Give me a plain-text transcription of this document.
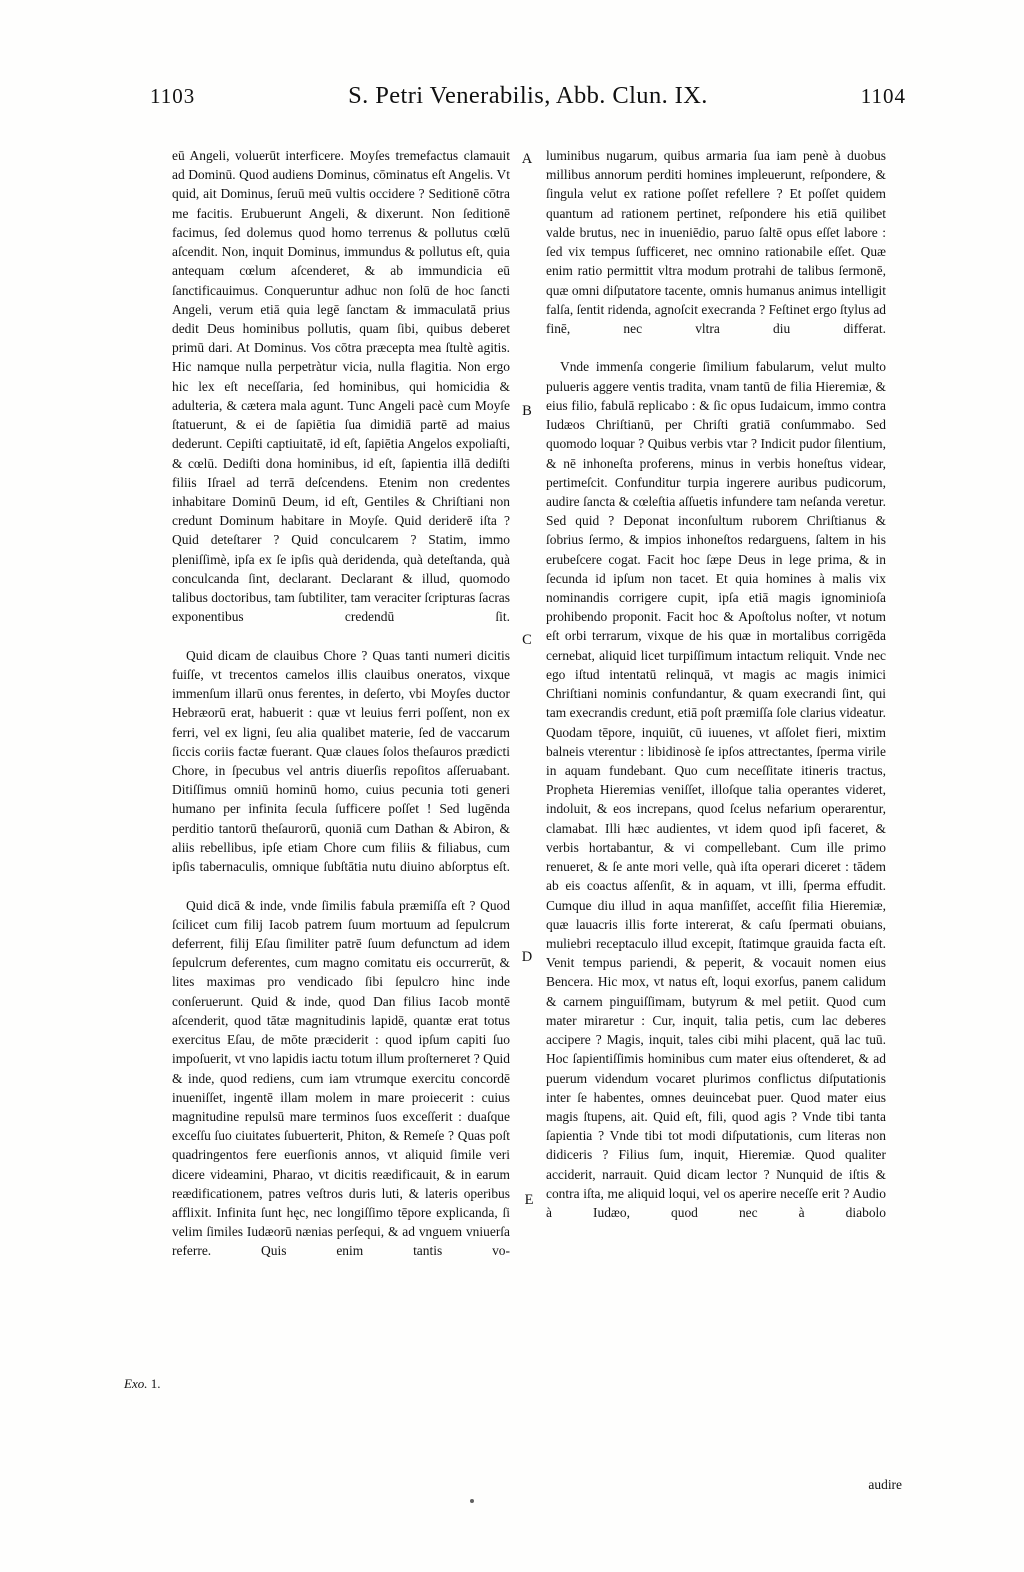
1103	S. Petri Venerabilis, Abb. Clun. IX.	1104

eū Angeli, voluerūt interficere. Moyſes tremefactus clamauit ad Dominū. Quod audiens Dominus, cōminatus eſt Angelis. Vt quid, ait Dominus, ſeruū meū vultis occidere ? Seditionē cōtra me facitis. Erubuerunt Angeli, & dixerunt. Non ſeditionē facimus, ſed dolemus quod homo terrenus & pollutus cœlū aſcendit. Non, inquit Dominus, immundus & pollutus eſt, quia antequam cœlum aſcenderet, & ab immundicia eū ſanctificauimus. Conqueruntur adhuc non ſolū de hoc ſancti Angeli, verum etiā quia legē ſanctam & immaculatā prius dedit Deus hominibus pollutis, quam ſibi, quibus deberet primū dari. At Dominus. Vos cōtra præcepta mea ſtultè agitis. Hic namque nulla perpetràtur vicia, nulla flagitia. Non ergo hic lex eſt neceſſaria, ſed hominibus, qui homicidia & adulteria, & cætera mala agunt. Tunc Angeli pacè cum Moyſe ſtatuerunt, & ei de ſapiētia ſua dimidiā partē ad maius dederunt. Cepiſti captiuitatē, id eſt, ſapiētia Angelos expoliaſti, & cœlū. Dediſti dona hominibus, id eſt, ſapientia illā dediſti filiis Iſrael ad terrā deſcendens. Etenim non credentes inhabitare Dominū Deum, id eſt, Gentiles & Chriſtiani non credunt Dominum habitare in Moyſe. Quid deriderē iſta ? Quid deteſtarer ? Quid conculcarem ? Statim, immo pleniſſimè, ipſa ex ſe ipſis quà deridenda, quà deteſtanda, quà conculcanda ſint, declarant. Declarant & illud, quomodo talibus doctoribus, tam ſubtiliter, tam veraciter ſcripturas ſacras exponentibus credendū ſit.

Quid dicam de clauibus Chore ? Quas tanti numeri dicitis fuiſſe, vt trecentos camelos illis clauibus oneratos, vixque immenſum illarū onus ferentes, in deſerto, vbi Moyſes ductor Hebræorū erat, habuerit : quæ vt leuius ferri poſſent, non ex ferri, vel ex ligni, ſeu alia qualibet materie, ſed de vaccarum ſiccis coriis factæ fuerant. Quæ claues ſolos theſauros prædicti Chore, in ſpecubus vel antris diuerſis repoſitos aſſeruabant. Ditiſſimus omniū hominū homo, cuius pecunia toti generi humano per infinita ſecula ſufficere poſſet ! Sed lugēnda perditio tantorū theſaurorū, quoniā cum Dathan & Abiron, & aliis rebellibus, ipſe etiam Chore cum filiis & filiabus, cum ipſis tabernaculis, omnique ſubſtātia nutu diuino abſorptus eſt.

Quid dicā & inde, vnde ſimilis fabula præmiſſa eſt ? Quod ſcilicet cum filij Iacob patrem ſuum mortuum ad ſepulcrum deferrent, filij Eſau ſimiliter patrē ſuum defunctum ad idem ſepulcrum deferentes, cum magno comitatu eis occurrerūt, & lites maximas pro vendicado ſibi ſepulcro hinc inde conſeruerunt. Quid & inde, quod Dan filius Iacob montē aſcenderit, quod tātæ magnitudinis lapidē, quantæ erat totus exercitus Eſau, de mōte præciderit : quod ipſum capiti ſuo impoſuerit, vt vno lapidis iactu totum illum proſterneret ? Quid & inde, quod rediens, cum iam vtrumque exercitu concordē inueniſſet, ingentē illam molem in mare proiecerit : cuius magnitudine repulsū mare terminos ſuos exceſſerit : duaſque exceſſu ſuo ciuitates ſubuerterit, Phiton, & Remeſe ? Quas poſt quadringentos fere euerſionis annos, vt aliquid ſimile veri dicere videamini, Pharao, vt dicitis reædificauit, & in earum reædificationem, patres veſtros duris luti, & lateris operibus afflixit. Infinita ſunt hęc, nec longiſſimo tēpore explicanda, ſi velim ſimiles Iudæorū nænias perſequi, & ad vnguem vniuerſa referre. Quis enim tantis vo-

luminibus nugarum, quibus armaria ſua iam penè à duobus millibus annorum perditi homines impleuerunt, reſpondere, & ſingula velut ex ratione poſſet refellere ? Et poſſet quidem quantum ad rationem pertinet, reſpondere his etiā quilibet valde brutus, nec in inueniēdio, paruo ſaltē opus eſſet labore : ſed vix tempus ſufficeret, nec omnino rationabile eſſet. Quæ enim ratio permittit vltra modum protrahi de talibus ſermonē, quæ omni diſputatore tacente, omnis humanus animus intelligit falſa, ſentit ridenda, agnoſcit execranda ? Feſtinet ergo ſtylus ad finē, nec vltra diu differat.

Vnde immenſa congerie ſimilium fabularum, velut multo pulueris aggere ventis tradita, vnam tantū de filia Hieremiæ, & eius filio, fabulā replicabo : & ſic opus Iudaicum, immo contra Iudæos Chriſtianū, per Chriſti gratiā conſummabo. Sed quomodo loquar ? Quibus verbis vtar ? Indicit pudor ſilentium, & nē inhoneſta proferens, minus in verbis honeſtus videar, pertimeſcit. Confunditur turpia ingerere auribus pudicorum, audire ſancta & cœleſtia aſſuetis infundere tam neſanda veretur. Sed quid ? Deponat inconſultum ruborem Chriſtianus & ſobrius ſermo, & impios inhoneſtos redarguens, ſaltem in his erubeſcere cogat. Facit hoc ſæpe Deus in lege prima, & in ſecunda id ipſum non tacet. Et quia homines à malis vix nominandis corrigere cupit, ipſa etiā magis ignominioſa prohibendo proponit. Facit hoc & Apoſtolus noſter, vt notum eſt orbi terrarum, vixque de his quæ in mortalibus corrigēda cernebat, aliquid licet turpiſſimum intactum reliquit. Vnde nec ego iſtud intentatū relinquā, vt magis ac magis inimici Chriſtiani nominis confundantur, & quam execrandi ſint, qui tam execrandis credunt, etiā poſt præmiſſa ſole clarius videatur. Quodam tēpore, inquiūt, cū iuuenes, vt aſſolet fieri, mixtim balneis vterentur : libidinosè ſe ipſos attrectantes, ſperma virile in aquam fundebant. Quo cum neceſſitate itineris tractus, Propheta Hieremias veniſſet, illoſque talia operantes videret, indoluit, & eos increpans, quod ſcelus nefarium operarentur, clamabat. Illi hæc audientes, vt idem quod ipſi faceret, & verbis hortabantur, & vi compellebant. Cum ille primo renueret, & ſe ante mori velle, quà iſta operari diceret : tādem ab eis coactus aſſenſit, & in aquam, vt illi, ſperma effudit. Cumque diu illud in aqua manſiſſet, acceſſit filia Hieremiæ, quæ lauacris illis forte intererat, & caſu ſpermati obuians, muliebri receptaculo illud excepit, ſtatimque grauida facta eſt. Venit tempus pariendi, & peperit, & vocauit nomen eius Bencera. Hic mox, vt natus eſt, loqui exorſus, panem calidum & carnem pinguiſſimam, butyrum & mel petiit. Quod cum mater miraretur : Cur, inquit, talia petis, cum lac deberes accipere ? Magis, inquit, tales cibi mihi placent, quā lac tuū. Hoc ſapientiſſimis hominibus cum mater eius oſtenderet, & ad puerum videndum vocaret plurimos conflictus diſputationis inter ſe habentes, omnes deuincebat puer. Quod mater eius magis ſtupens, ait. Quid eſt, fili, quod agis ? Vnde tibi tanta ſapientia ? Vnde tibi tot modi diſputationis, cum literas non didiceris ? Filius ſum, inquit, Hieremiæ. Quod qualiter acciderit, narrauit. Quid dicam lector ? Nunquid de iſtis & contra iſta, me aliquid loqui, vel os aperire neceſſe erit ? Audio à Iudæo, quod nec à diabolo

A
B
C
D
E
Exo. 1.
audire
